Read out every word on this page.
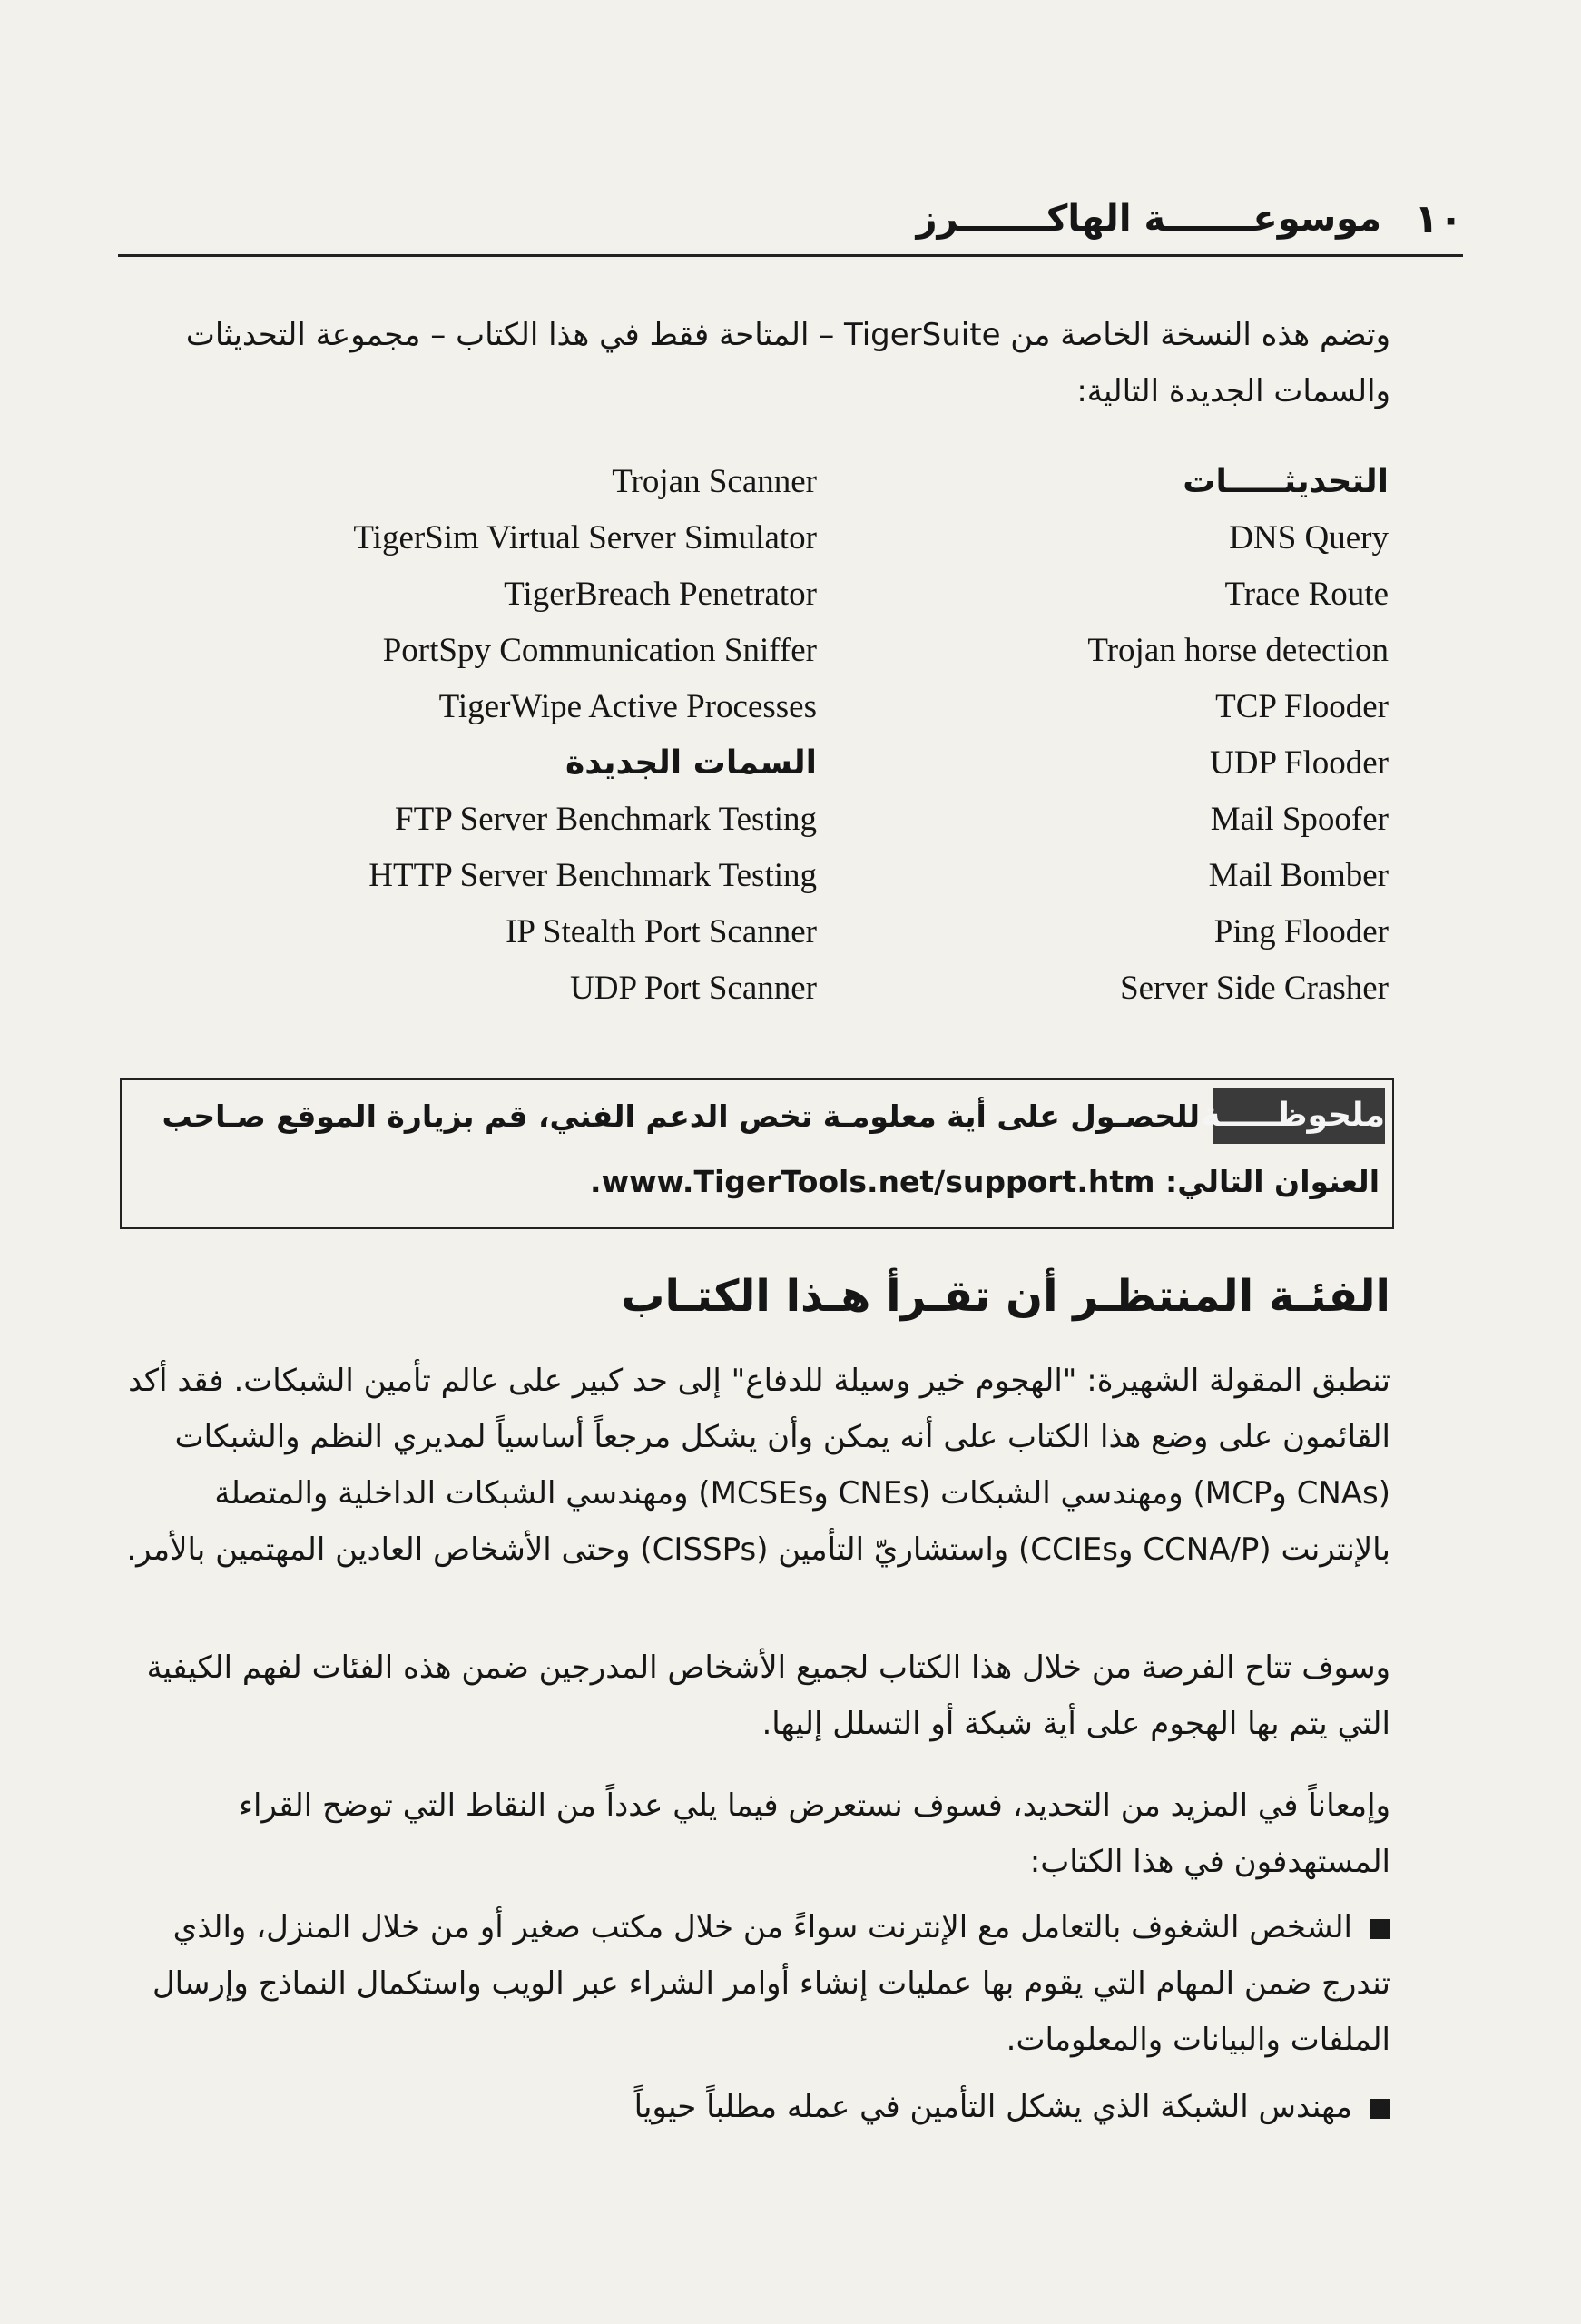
١٠
موسوعـــــــة الهاكـــــــرز
وتضم هذه النسخة الخاصة من TigerSuite – المتاحة فقط في هذا الكتاب – مجموعة التحديثات والسمات الجديدة التالية:
التحديثـــــات
DNS Query
Trace Route
Trojan horse detection
TCP Flooder
UDP Flooder
Mail Spoofer
Mail Bomber
Ping Flooder
Server Side Crasher
Trojan Scanner
TigerSim Virtual Server Simulator
TigerBreach Penetrator
PortSpy Communication Sniffer
TigerWipe Active Processes
السمات الجديدة
FTP Server Benchmark Testing
HTTP Server Benchmark Testing
IP Stealth Port Scanner
UDP Port Scanner
ملحوظـــــة
للحصـول على أية معلومـة تخص الدعم الفني، قم بزيارة الموقع صـاحب
العنوان التالي: www.TigerTools.net/support.htm.
الفئـة المنتظـر أن تقـرأ هـذا الكتـاب
تنطبق المقولة الشهيرة: "الهجوم خير وسيلة للدفاع" إلى حد كبير على عالم تأمين الشبكات. فقد أكد القائمون على وضع هذا الكتاب على أنه يمكن وأن يشكل مرجعاً أساسياً لمديري النظم والشبكات (CNAs وMCP) ومهندسي الشبكات (CNEs وMCSEs) ومهندسي الشبكات الداخلية والمتصلة بالإنترنت (CCNA/P وCCIEs) واستشاريّ التأمين (CISSPs) وحتى الأشخاص العادين المهتمين بالأمر.
وسوف تتاح الفرصة من خلال هذا الكتاب لجميع الأشخاص المدرجين ضمن هذه الفئات لفهم الكيفية التي يتم بها الهجوم على أية شبكة أو التسلل إليها.
وإمعاناً في المزيد من التحديد، فسوف نستعرض فيما يلي عدداً من النقاط التي توضح القراء المستهدفون في هذا الكتاب:
الشخص الشغوف بالتعامل مع الإنترنت سواءً من خلال مكتب صغير أو من خلال المنزل، والذي تندرج ضمن المهام التي يقوم بها عمليات إنشاء أوامر الشراء عبر الويب واستكمال النماذج وإرسال الملفات والبيانات والمعلومات.
مهندس الشبكة الذي يشكل التأمين في عمله مطلباً حيوياً
